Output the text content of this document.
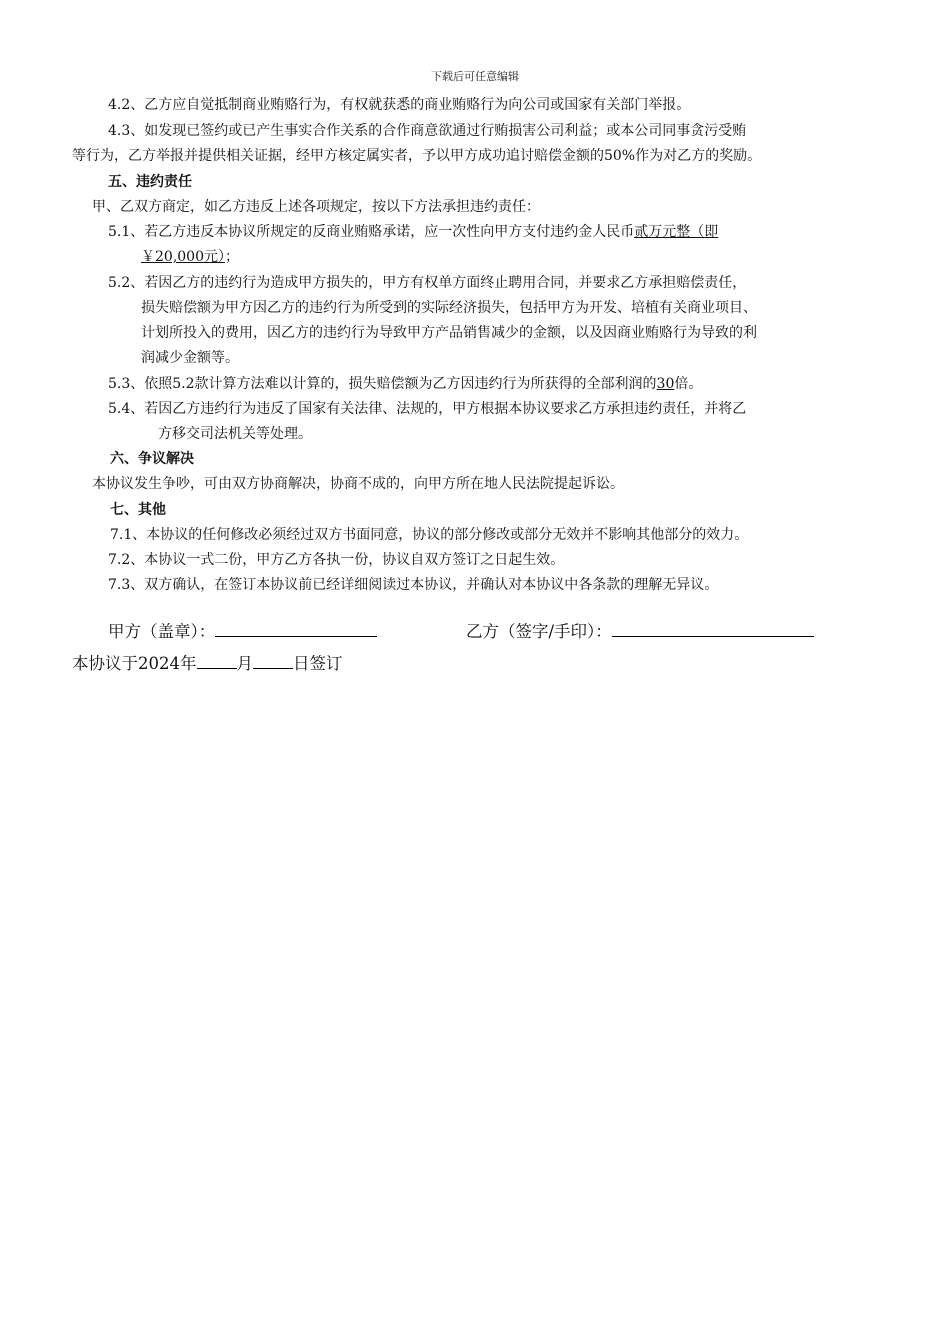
下载后可任意编辑
4.2、乙方应自觉抵制商业贿赂行为，有权就获悉的商业贿赂行为向公司或国家有关部门举报。
4.3、如发现已签约或已产生事实合作关系的合作商意欲通过行贿损害公司利益；或本公司同事贪污受贿
等行为，乙方举报并提供相关证据，经甲方核定属实者，予以甲方成功追讨赔偿金额的50%作为对乙方的奖励。
五、违约责任
甲、乙双方商定，如乙方违反上述各项规定，按以下方法承担违约责任：
5.1、若乙方违反本协议所规定的反商业贿赂承诺，应一次性向甲方支付违约金人民币贰万元整（即
￥20,000元）；
5.2、若因乙方的违约行为造成甲方损失的，甲方有权单方面终止聘用合同，并要求乙方承担赔偿责任，
损失赔偿额为甲方因乙方的违约行为所受到的实际经济损失，包括甲方为开发、培植有关商业项目、
计划所投入的费用，因乙方的违约行为导致甲方产品销售减少的金额，以及因商业贿赂行为导致的利
润减少金额等。
5.3、依照5.2款计算方法难以计算的，损失赔偿额为乙方因违约行为所获得的全部利润的30倍。
5.4、若因乙方违约行为违反了国家有关法律、法规的，甲方根据本协议要求乙方承担违约责任，并将乙
方移交司法机关等处理。
六、争议解决
本协议发生争吵，可由双方协商解决，协商不成的，向甲方所在地人民法院提起诉讼。
七、其他
7.1、本协议的任何修改必须经过双方书面同意，协议的部分修改或部分无效并不影响其他部分的效力。
7.2、本协议一式二份，甲方乙方各执一份，协议自双方签订之日起生效。
7.3、双方确认，在签订本协议前已经详细阅读过本协议，并确认对本协议中各条款的理解无异议。
甲方（盖章）：	乙方（签字/手印）：
本协议于2024年 月 日签订
